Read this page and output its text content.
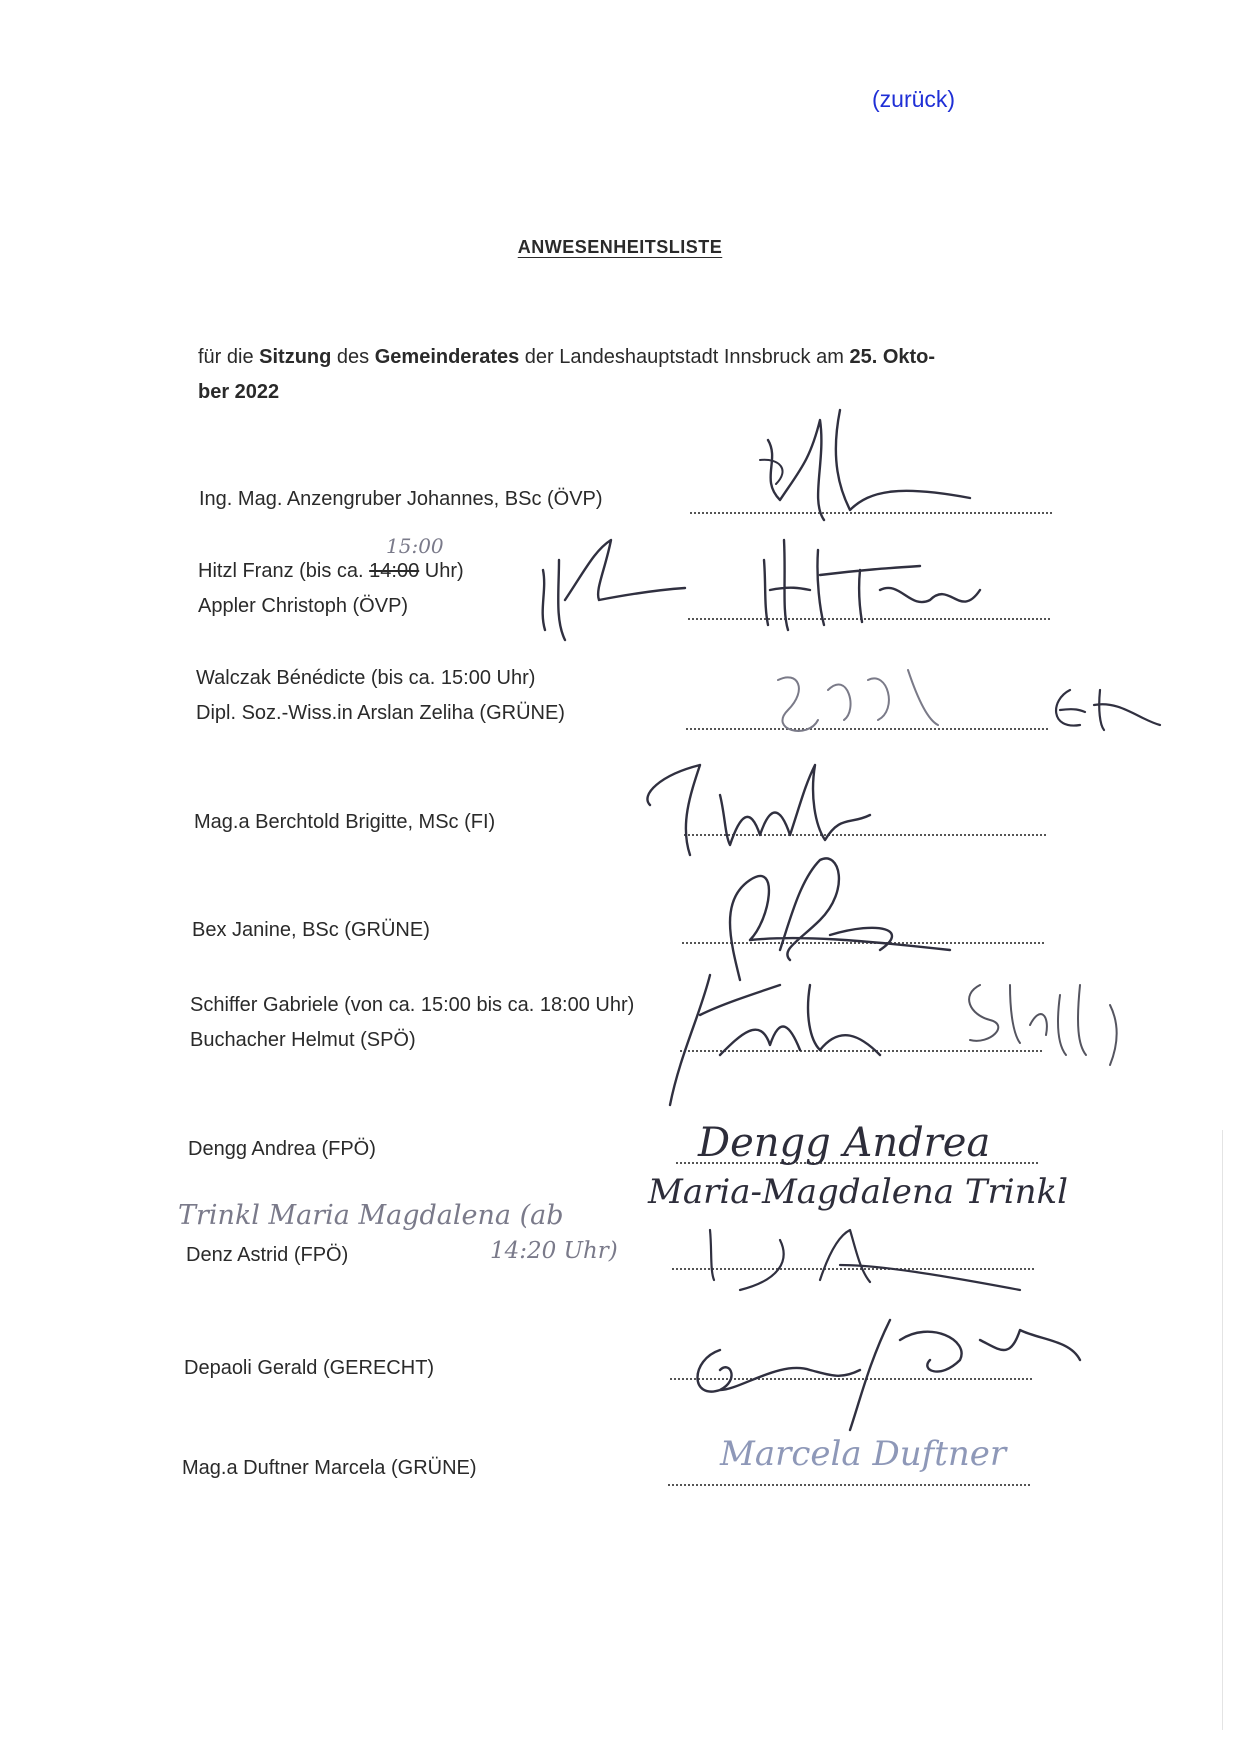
(zurück)
ANWESENHEITSLISTE
für die Sitzung des Gemeinderates der Landeshauptstadt Innsbruck am 25. Okto-
ber 2022
Ing. Mag. Anzengruber Johannes, BSc (ÖVP)
15:00
Hitzl Franz (bis ca. 14:00 Uhr)
Appler Christoph (ÖVP)
Walczak Bénédicte (bis ca. 15:00 Uhr)
Dipl. Soz.-Wiss.in Arslan Zeliha (GRÜNE)
Mag.a Berchtold Brigitte, MSc (FI)
Bex Janine, BSc (GRÜNE)
Schiffer Gabriele (von ca. 15:00 bis ca. 18:00 Uhr)
Buchacher Helmut (SPÖ)
Dengg Andrea (FPÖ)
Trinkl Maria Magdalena (ab
Denz Astrid (FPÖ)	14:20 Uhr)
Depaoli Gerald (GERECHT)
Mag.a Duftner Marcela (GRÜNE)
Dengg Andrea
Maria-Magdalena Trinkl
Marcela Duftner
